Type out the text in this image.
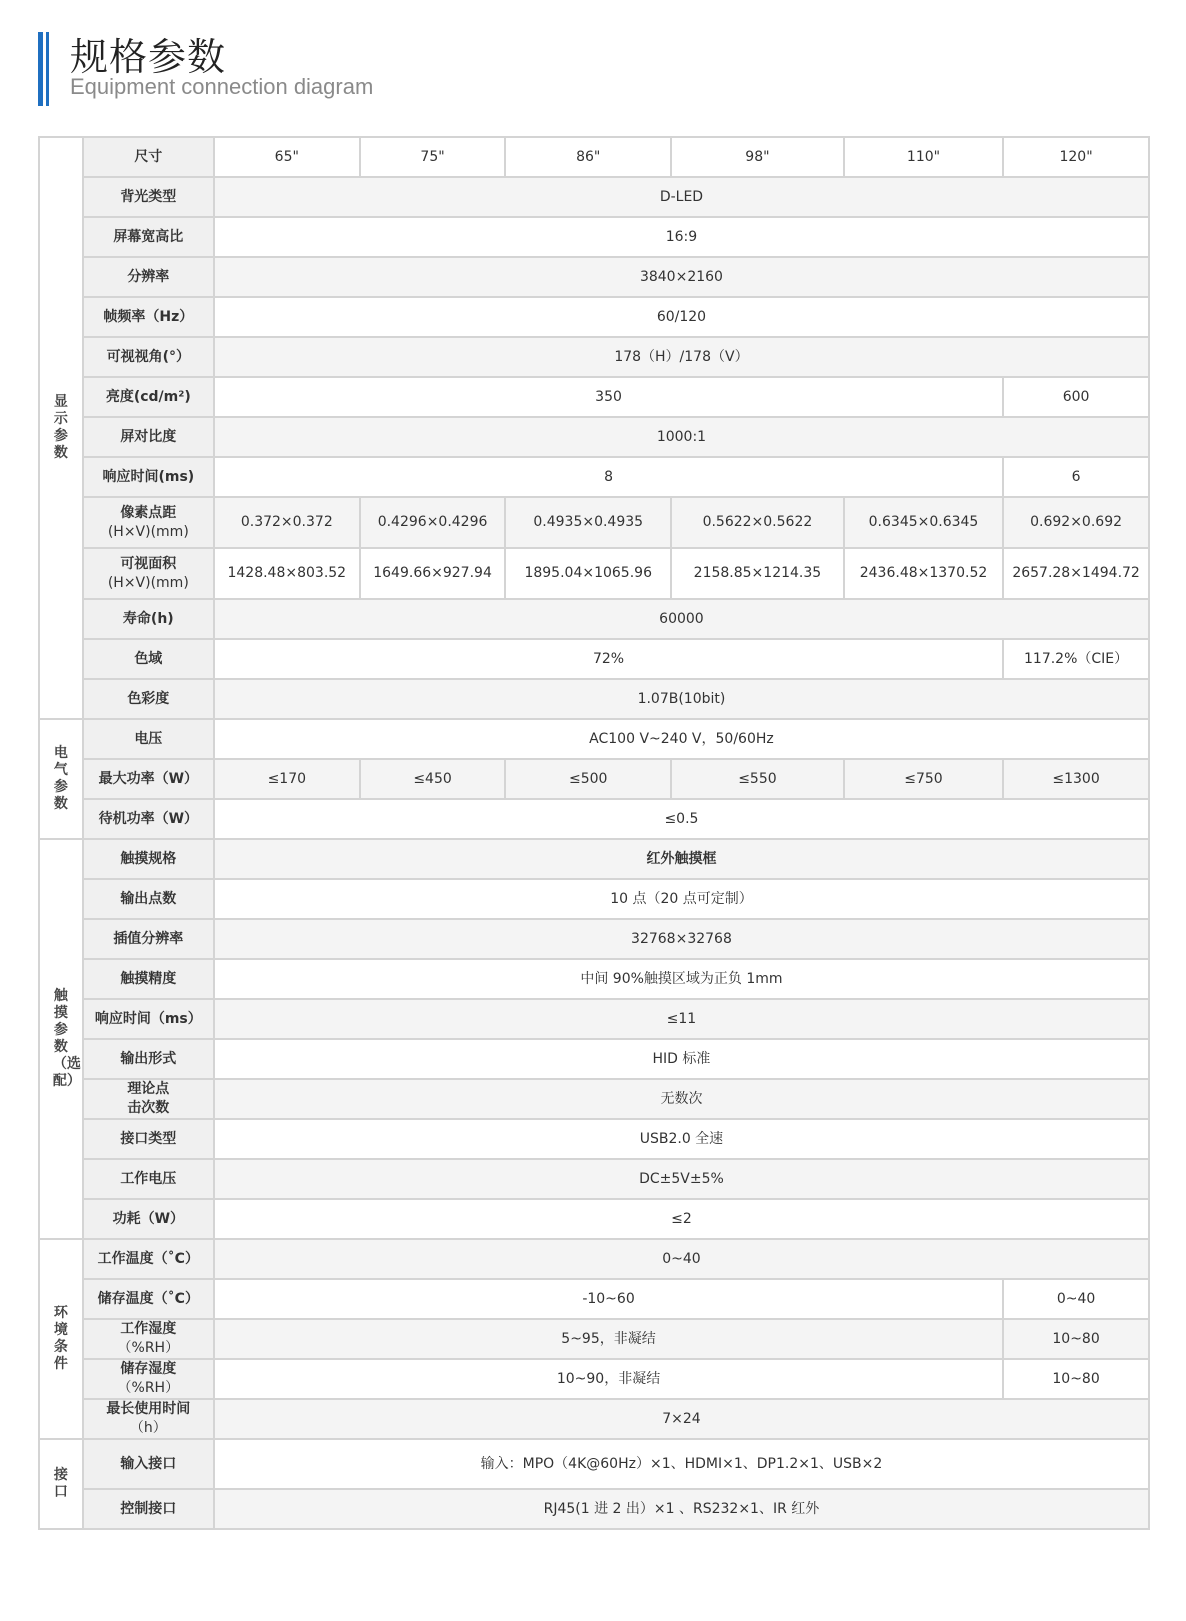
规格参数
Equipment connection diagram
显示参数	尺寸	65"	75"	86"	98"	110"	120"
	背光类型	D-LED					
	屏幕宽高比	16:9					
	分辨率	3840×2160					
	帧频率（Hz）	60/120					
	可视视角(°）	178（H）/178（V）					
	亮度(cd/m²)	350					600
	屏对比度	1000:1					
	响应时间(ms)	8					6

	像素点距
(H×V)(mm)	0.372×0.372	0.4296×0.4296	0.4935×0.4935	0.5622×0.5622	0.6345×0.6345	0.692×0.692

	可视面积
(H×V)(mm)	1428.48×803.52	1649.66×927.94	1895.04×1065.96	2158.85×1214.35	2436.48×1370.52	2657.28×1494.72
	寿命(h)	60000					
	色域	72%					117.2%（CIE）
	色彩度	1.07B(10bit)					
电气参数	电压	AC100 V~240 V，50/60Hz					
	最大功率（W）	≤170	≤450	≤500	≤550	≤750	≤1300
	待机功率（W）	≤0.5					
触摸参数（选配）	触摸规格	红外触摸框					
	输出点数	10 点（20 点可定制）					
	插值分辨率	32768×32768					
	触摸精度	中间 90%触摸区域为正负 1mm					
	响应时间（ms）	≤11					
	输出形式	HID 标准					

	理论点
击次数	无数次					
	接口类型	USB2.0 全速					
	工作电压	DC±5V±5%					
	功耗（W）	≤2					
环境条件	工作温度（˚C）	0~40					
	储存温度（˚C）	-10~60					0~40

	工作湿度
（%RH）	5~95，非凝结					10~80

	储存湿度
（%RH）	10~90，非凝结					10~80

	最长使用时间
（h）	7×24					
接口	输入接口	输入：MPO（4K@60Hz）×1、HDMI×1、DP1.2×1、USB×2					
	控制接口	RJ45(1 进 2 出）×1 、RS232×1、IR 红外					
